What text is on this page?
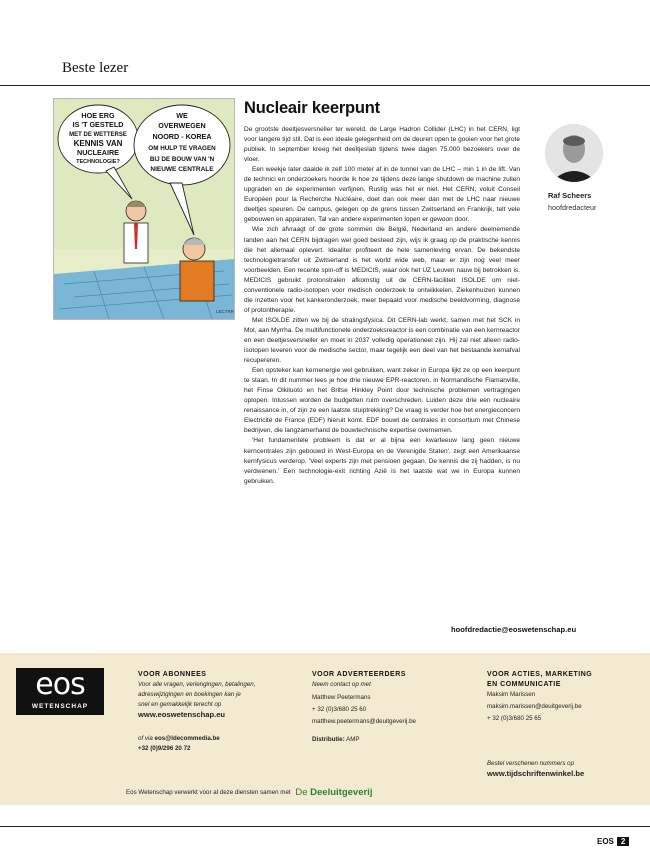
Beste lezer
HOE ERG
IS 'T GESTELD
MET DE WETTERSE
KENNIS VAN
NUCLEAIRE
TECHNOLOGIE?
WE
OVERWEGEN
NOORD - KOREA
OM HULP TE VRAGEN
BIJ DE BOUW VAN 'N
NIEUWE CENTRALE
LECTRR
Nucleair keerpunt

De grootste deeltjesversneller ter wereld, de Large Hadron Collider (LHC) in het CERN, ligt voor langere tijd stil. Dat is een ideale gelegenheid om de deuren open te gooien voor het grote publiek. In september kreeg het deeltjeslab tijdens twee dagen 75.000 bezoekers over de vloer.

Een weekje later daalde ik zelf 100 meter af in de tunnel van de LHC – min 1 in de lift. Van de technici en onderzoekers hoorde ik hoe ze tijdens deze lange shutdown de machine zullen upgraden en de experimenten verfijnen. Rustig was het er niet. Het CERN, voluit Conseil Européen pour la Recherche Nucléaire, doet dan ook meer dan met de LHC naar nieuwe deeltjes speuren. De campus, gelegen op de grens tussen Zwitserland en Frankrijk, telt vele gebouwen en apparaten. Tal van andere experimenten lopen er gewoon door.

Wie zich afvraagt of de grote sommen die België, Nederland en andere deelnemende landen aan het CERN bijdragen wel goed besteed zijn, wijs ik graag op de praktische kennis die het allemaal oplevert. Idealiter profiteert de hele samenleving ervan. De bekendste technologietransfer uit Zwitserland is het world wide web, maar er zijn nog veel meer voorbeelden. Een recente spin-off is MEDICIS, waar ook het UZ Leuven nauw bij betrokken is. MEDICIS gebruikt protonstralen afkomstig uit de CERN-faciliteit ISOLDE om niet-conventionele radio-isotopen voor medisch onderzoek te ontwikkelen. Ziekenhuizen kunnen die inzetten voor het kankeronderzoek, meer bepaald voor medische beeldvorming, diagnose of protontherapie.

Met ISOLDE zitten we bij de stralingsfysica. Dit CERN-lab werkt, samen met het SCK in Mol, aan Myrrha. De multifunctionele onderzoeksreactor is een combinatie van een kernreactor en een deeltjesversneller en moet in 2037 volledig operationeel zijn. Hij zal niet alleen radio-isotopen leveren voor de medische sector, maar tegelijk een deel van het bestaande kernafval recupereren.

Een opsteker kan kernenergie wel gebruiken, want zeker in Europa lijkt ze op een keerpunt te staan. In dit nummer lees je hoe drie nieuwe EPR-reactoren, in Normandische Flamanville, het Finse Olkiluoto en het Britse Hinkley Point door technische problemen vertragingen oplopen. Intussen worden de budgetten ruim overschreden. Luiden deze drie een nucleaire renaissance in, of zijn ze een laatste stuiptrekking? De vraag is verder hoe het energieconcern Electricité de France (EDF) hieruit komt. EDF bouwt de centrales in consortium met Chinese bedrijven, die langzamerhand de bouwtechnische expertise overnemen.

'Het fundamentele probleem is dat er al bijna een kwarteeuw lang geen nieuwe kerncentrales zijn gebouwd in West-Europa en de Verenigde Staten', zegt een Amerikaanse kernfysicus verderop. 'Veel experts zijn met pensioen gegaan. De kennis die zij hadden, is nu verdwenen.' Een technologie-exit richting Azië is het laatste wat we in Europa kunnen gebruiken.

Raf Scheers
hoofdredacteur
hoofdredactie@eoswetenschap.eu
eos
WETENSCHAP
VOOR ABONNEES
Voor alle vragen, verlengingen, betalingen,
adreswijzigingen en boekingen kan je
snel en gemakkelijk terecht op
www.eoswetenschap.eu
of via eos@ldecommedia.be
+32 (0)9/296 20 72
VOOR ADVERTEERDERS
Neem contact op met
Matthew Peetermans
+ 32 (0)3/680 25 60
matthew.peetermans@deuitgeverij.be
Distributie: AMP
VOOR ACTIES, MARKETING
EN COMMUNICATIE
Maksim Marissen
maksim.marissen@deuitgeverij.be
+ 32 (0)3/680 25 65
Bestel verschenen nummers op
www.tijdschriftenwinkel.be
Eos Wetenschap verwerkt voor al deze diensten samen met De Deeluitgeverij
EOS 2
